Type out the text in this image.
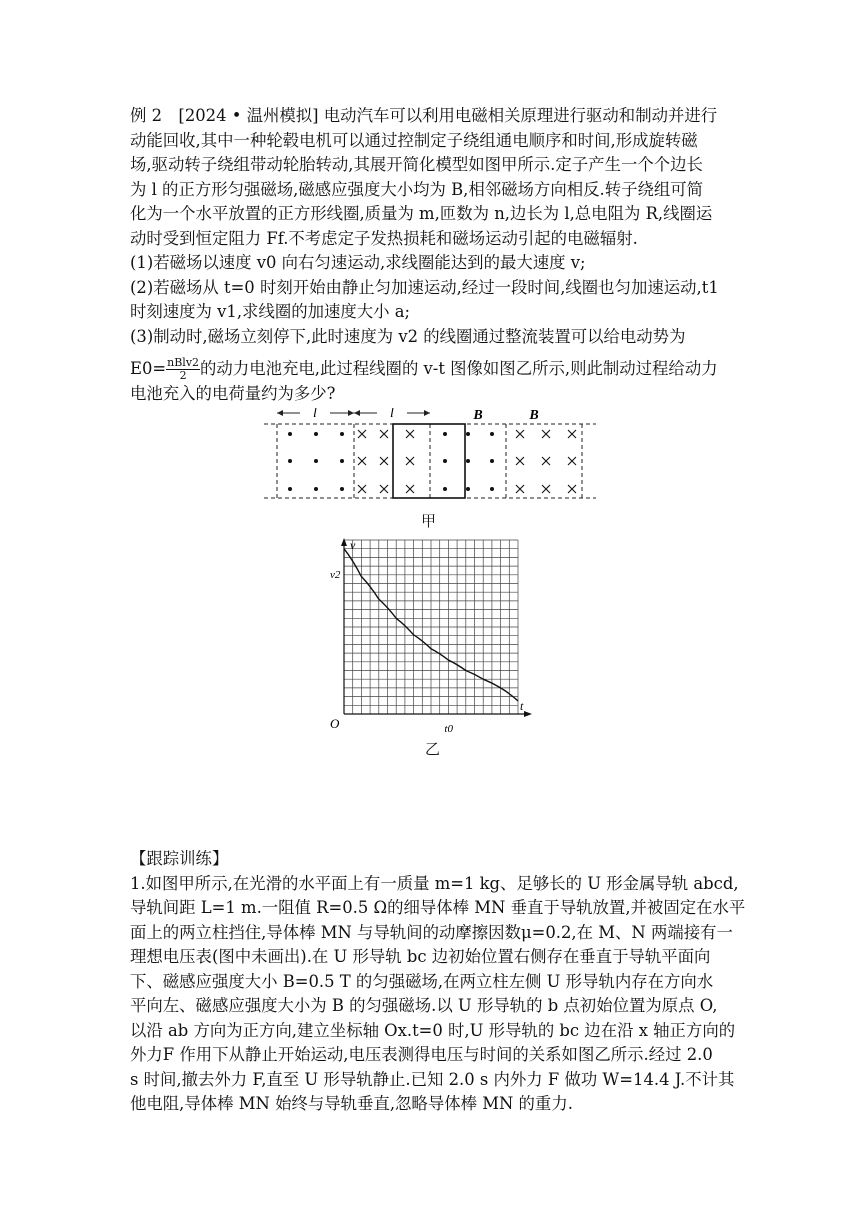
例 2　[2024 • 温州模拟] 电动汽车可以利用电磁相关原理进行驱动和制动并进行
动能回收,其中一种轮毂电机可以通过控制定子绕组通电顺序和时间,形成旋转磁
场,驱动转子绕组带动轮胎转动,其展开简化模型如图甲所示.定子产生一个个边长
为 l 的正方形匀强磁场,磁感应强度大小均为 B,相邻磁场方向相反.转子绕组可简
化为一个水平放置的正方形线圈,质量为 m,匝数为 n,边长为 l,总电阻为 R,线圈运
动时受到恒定阻力 Ff.不考虑定子发热损耗和磁场运动引起的电磁辐射.
(1)若磁场以速度 v0 向右匀速运动,求线圈能达到的最大速度 v;
(2)若磁场从 t=0 时刻开始由静止匀加速运动,经过一段时间,线圈也匀加速运动,t1
时刻速度为 v1,求线圈的加速度大小 a;
(3)制动时,磁场立刻停下,此时速度为 v2 的线圈通过整流装置可以给电动势为
E0= nBlv2
2 的动力电池充电,此过程线圈的 v-t 图像如图乙所示,则此制动过程给动力
电池充入的电荷量约为多少?
l	l	B	B
甲
v
t
O
v2
t0
乙
【跟踪训练】
1.如图甲所示,在光滑的水平面上有一质量 m=1 kg、足够长的 U 形金属导轨 abcd,
导轨间距 L=1 m.一阻值 R=0.5 Ω的细导体棒 MN 垂直于导轨放置,并被固定在水平
面上的两立柱挡住,导体棒 MN 与导轨间的动摩擦因数μ=0.2,在 M、N 两端接有一
理想电压表(图中未画出).在 U 形导轨 bc 边初始位置右侧存在垂直于导轨平面向
下、磁感应强度大小 B=0.5 T 的匀强磁场,在两立柱左侧 U 形导轨内存在方向水
平向左、磁感应强度大小为 B 的匀强磁场.以 U 形导轨的 b 点初始位置为原点 O,
以沿 ab 方向为正方向,建立坐标轴 Ox.t=0 时,U 形导轨的 bc 边在沿 x 轴正方向的
外力F 作用下从静止开始运动,电压表测得电压与时间的关系如图乙所示.经过 2.0
s 时间,撤去外力 F,直至 U 形导轨静止.已知 2.0 s 内外力 F 做功 W=14.4 J.不计其
他电阻,导体棒 MN 始终与导轨垂直,忽略导体棒 MN 的重力.
